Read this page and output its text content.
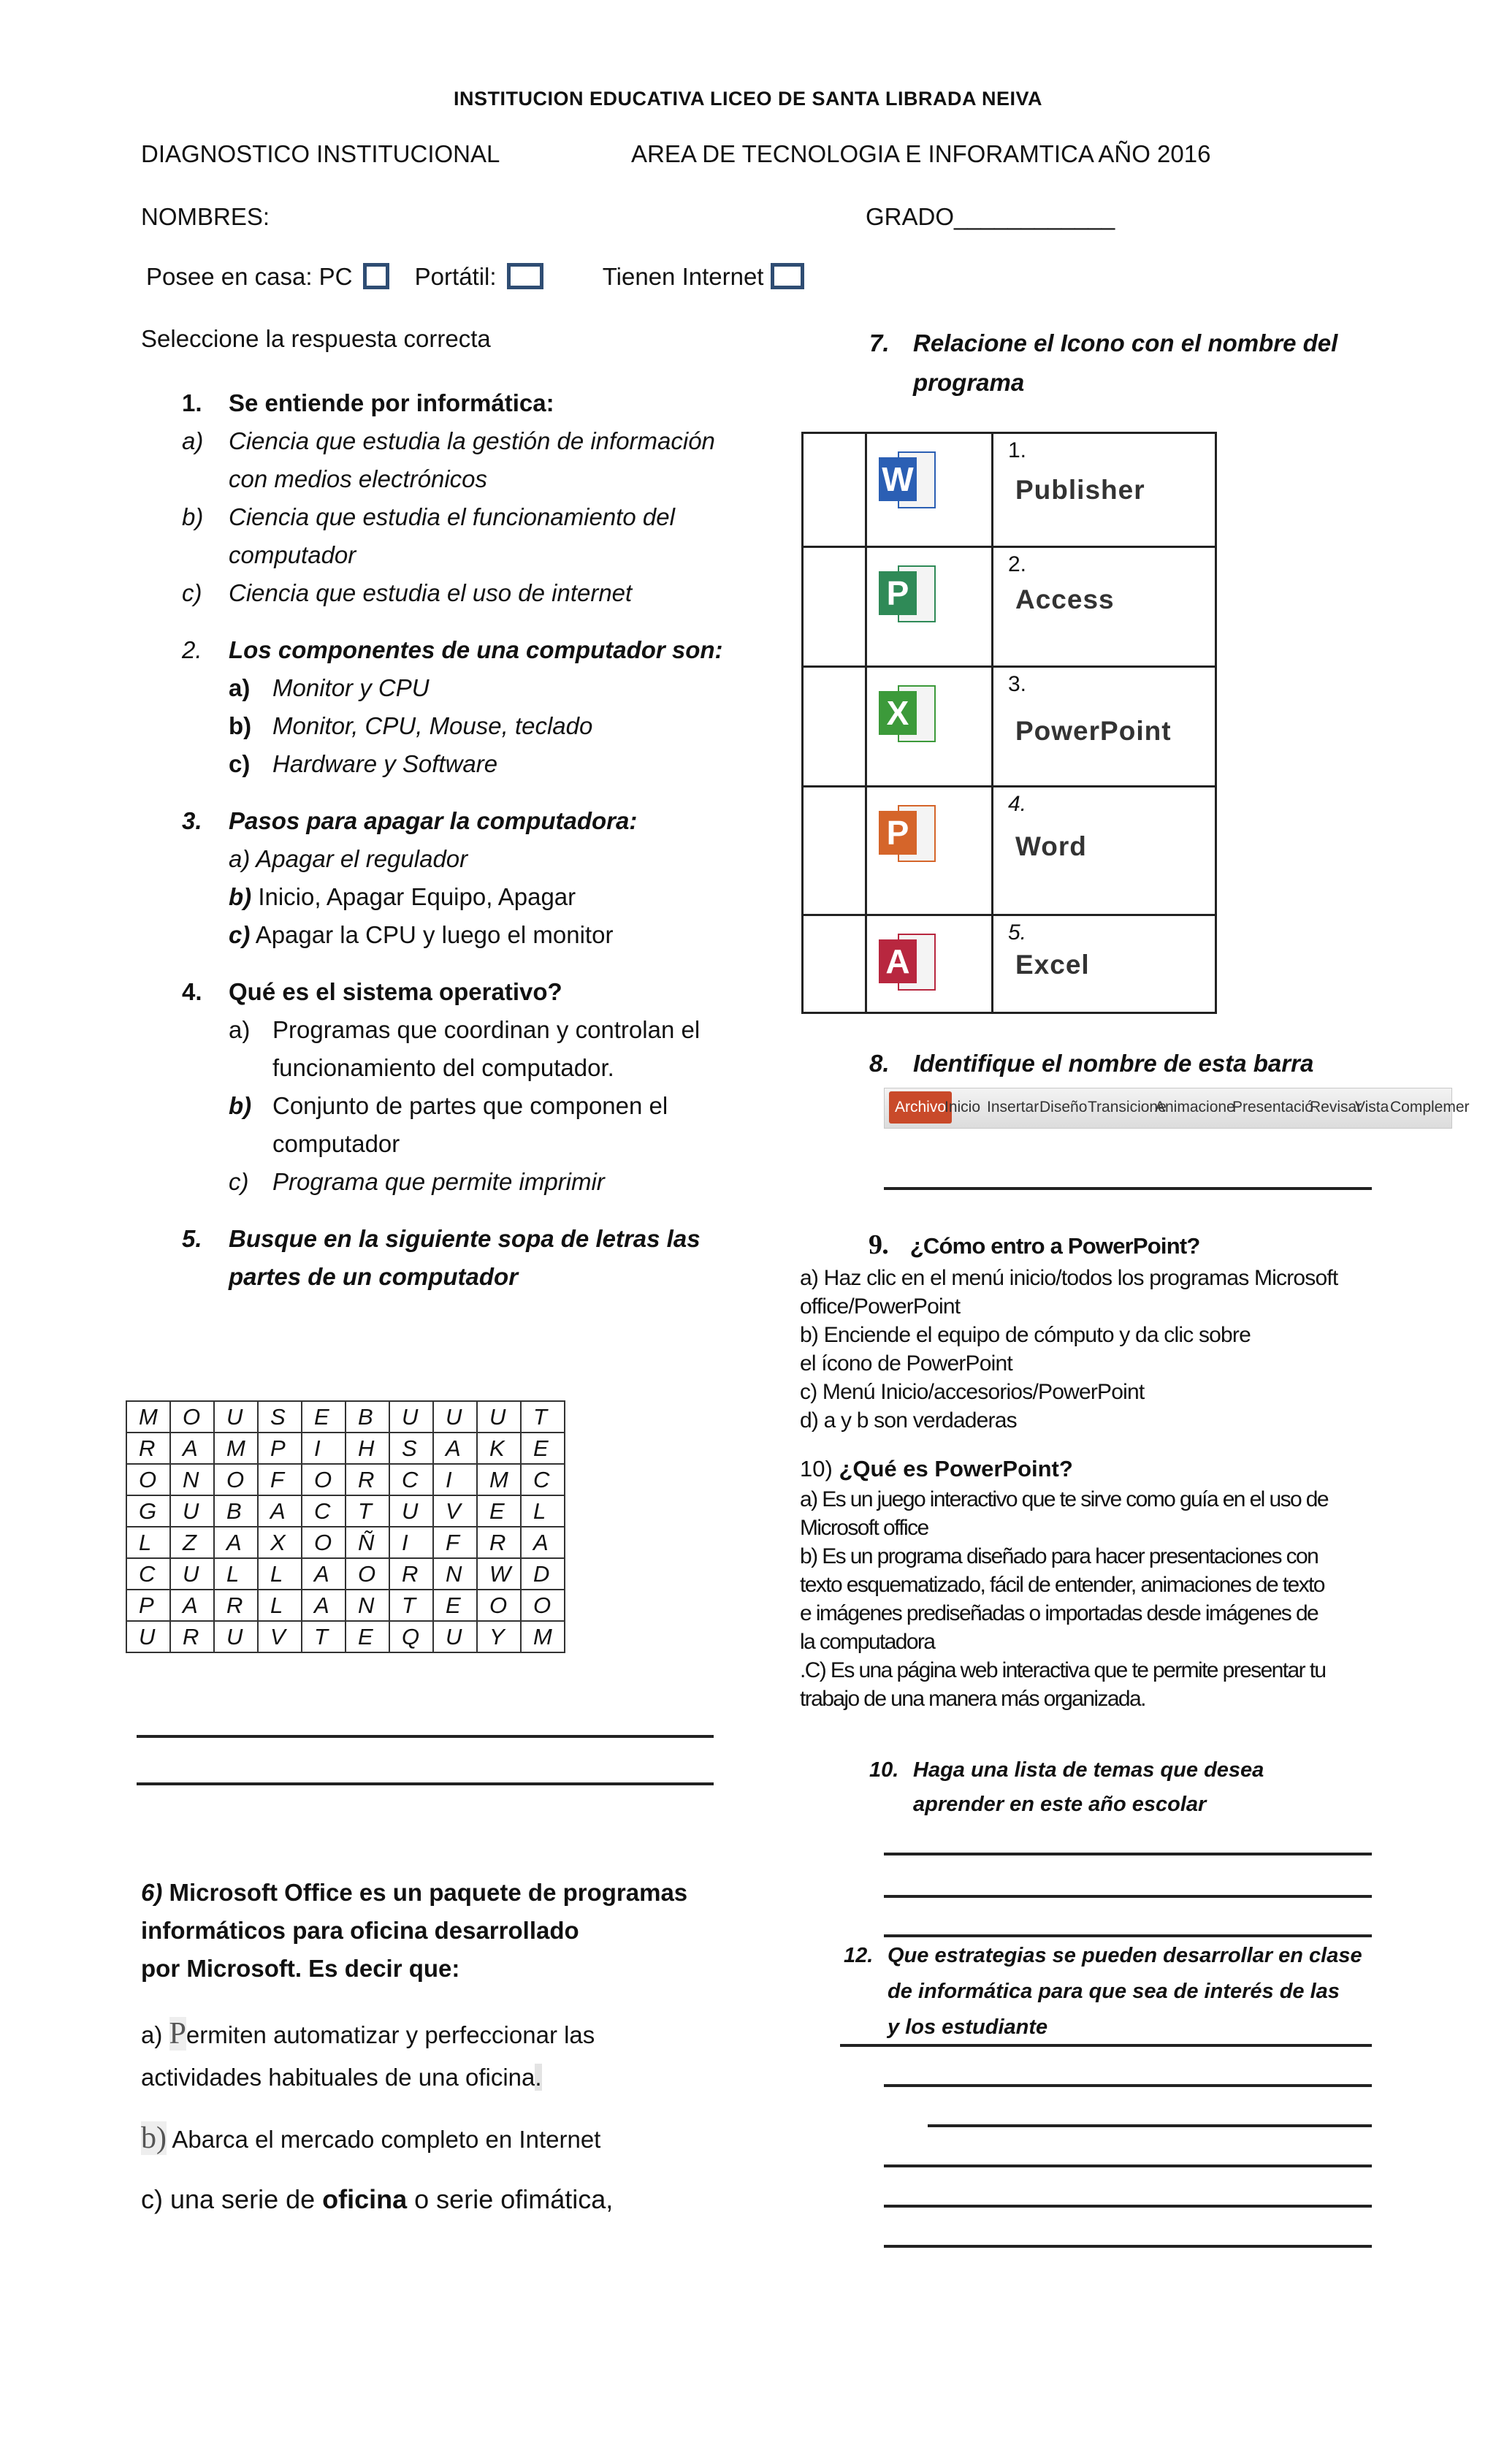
INSTITUCION EDUCATIVA LICEO DE SANTA LIBRADA NEIVA
DIAGNOSTICO INSTITUCIONAL	AREA DE TECNOLOGIA E INFORAMTICA AÑO 2016
NOMBRES:	GRADO____________
Posee en casa: PC	Portátil:	Tienen Internet
Seleccione la respuesta correcta
1. Se entiende por informática:
a) Ciencia que estudia la gestión de información con medios electrónicos
b) Ciencia que estudia el funcionamiento del computador
c) Ciencia que estudia el uso de internet
2. Los componentes de una computador son:
a) Monitor y CPU
b) Monitor, CPU, Mouse, teclado
c) Hardware y Software
3. Pasos para apagar la computadora:
a) Apagar el regulador
b) Inicio, Apagar Equipo, Apagar
c) Apagar la CPU y luego el monitor
4. Qué es el sistema operativo?
a) Programas que coordinan y controlan el funcionamiento del computador.
b) Conjunto de partes que componen el computador
c) Programa que permite imprimir
5. Busque en la siguiente sopa de letras las partes de un computador
M	O	U	S	E	B	U	U	U	T
R	A	M	P	I	H	S	A	K	E
O	N	O	F	O	R	C	I	M	C
G	U	B	A	C	T	U	V	E	L
L	Z	A	X	O	Ñ	I	F	R	A
C	U	L	L	A	O	R	N	W	D
P	A	R	L	A	N	T	E	O	O
U	R	U	V	T	E	Q	U	Y	M
6) Microsoft Office es un paquete de programas
informáticos para oficina desarrollado
por Microsoft. Es decir que:
a) Permiten automatizar y perfeccionar las
actividades habituales de una oficina.
b) Abarca el mercado completo en Internet
c) una serie de oficina o serie ofimática,
7. Relacione el Icono con el nombre del programa

	W	1.
Publisher

	P	2.
Access

	X	3.
PowerPoint

	P	4.
Word

	A	5.
Excel
8. Identifique el nombre de esta barra
Archivo
Inicio Insertar Diseño Transicione
Animacione
Presentació
Revisar
Vista Complemer
9. ¿Cómo entro a PowerPoint?
a) Haz clic en el menú inicio/todos los programas Microsoft
office/PowerPoint
b) Enciende el equipo de cómputo y da clic sobre
el ícono de PowerPoint
c) Menú Inicio/accesorios/PowerPoint
d) a y b son verdaderas
10) ¿Qué es PowerPoint?
a) Es un juego interactivo que te sirve como guía en el uso de
Microsoft office
b) Es un programa diseñado para hacer presentaciones con
texto esquematizado, fácil de entender, animaciones de texto
e imágenes prediseñadas o importadas desde imágenes de
la computadora
.C) Es una página web interactiva que te permite presentar tu
trabajo de una manera más organizada.
10. Haga una lista de temas que desea
aprender en este año escolar
12. Que estrategias se pueden desarrollar en clase
de informática para que sea de interés de las
y los estudiante
